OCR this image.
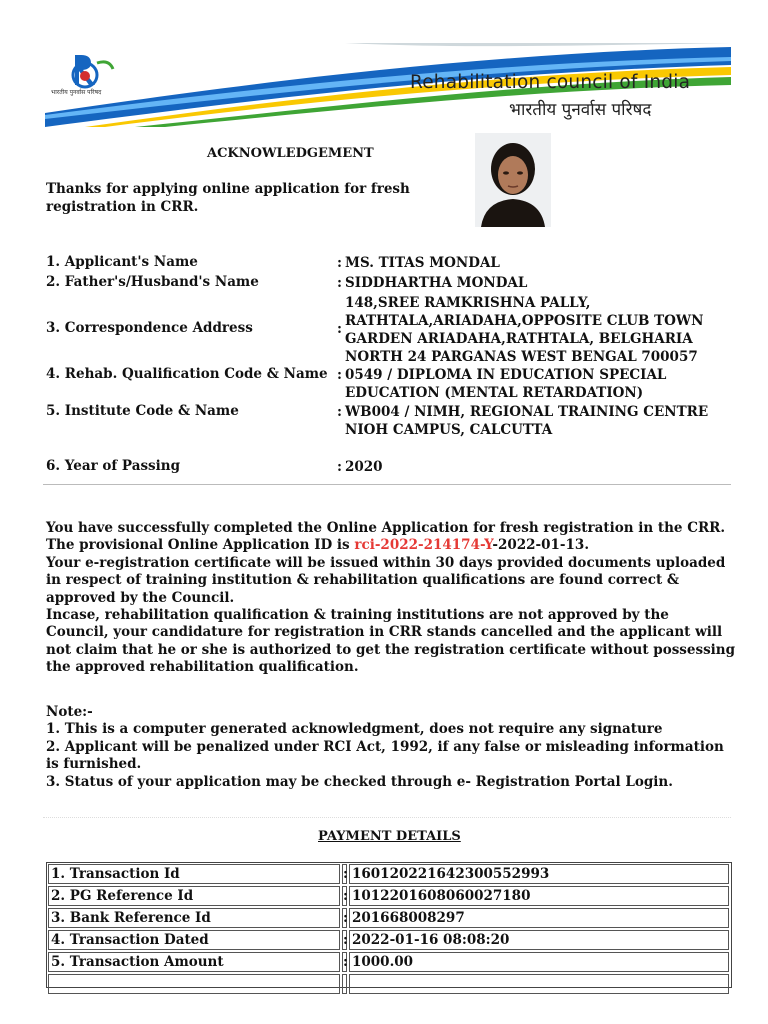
भारतीय पुनर्वास परिषद	Rehabilitation council of India
भारतीय पुनर्वास परिषद
ACKNOWLEDGEMENT
Thanks for applying online application for fresh registration in CRR.
1. Applicant's Name	: MS. TITAS MONDAL
2. Father's/Husband's Name	: SIDDHARTHA MONDAL
3. Correspondence Address	:
148,SREE RAMKRISHNA PALLY, RATHTALA,ARIADAHA,OPPOSITE CLUB TOWN GARDEN ARIADAHA,RATHTALA, BELGHARIA NORTH 24 PARGANAS WEST BENGAL 700057
4. Rehab. Qualification Code & Name : 0549 / DIPLOMA IN EDUCATION SPECIAL EDUCATION (MENTAL RETARDATION)
5. Institute Code & Name	: WB004 / NIMH, REGIONAL TRAINING CENTRE NIOH CAMPUS, CALCUTTA
6. Year of Passing	: 2020
You have successfully completed the Online Application for fresh registration in the CRR. The provisional Online Application ID is rci-2022-214174-Y-2022-01-13.
Your e-registration certificate will be issued within 30 days provided documents uploaded in respect of training institution & rehabilitation qualifications are found correct & approved by the Council.
Incase, rehabilitation qualification & training institutions are not approved by the Council, your candidature for registration in CRR stands cancelled and the applicant will not claim that he or she is authorized to get the registration certificate without possessing the approved rehabilitation qualification.
Note:-
1. This is a computer generated acknowledgment, does not require any signature
2. Applicant will be penalized under RCI Act, 1992, if any false or misleading information is furnished.
3. Status of your application may be checked through e- Registration Portal Login.
PAYMENT DETAILS
1. Transaction Id	: 160120221642300552993
2. PG Reference Id	: 1012201608060027180
3. Bank Reference Id	: 201668008297
4. Transaction Dated	: 2022-01-16 08:08:20
5. Transaction Amount	: 1000.00
